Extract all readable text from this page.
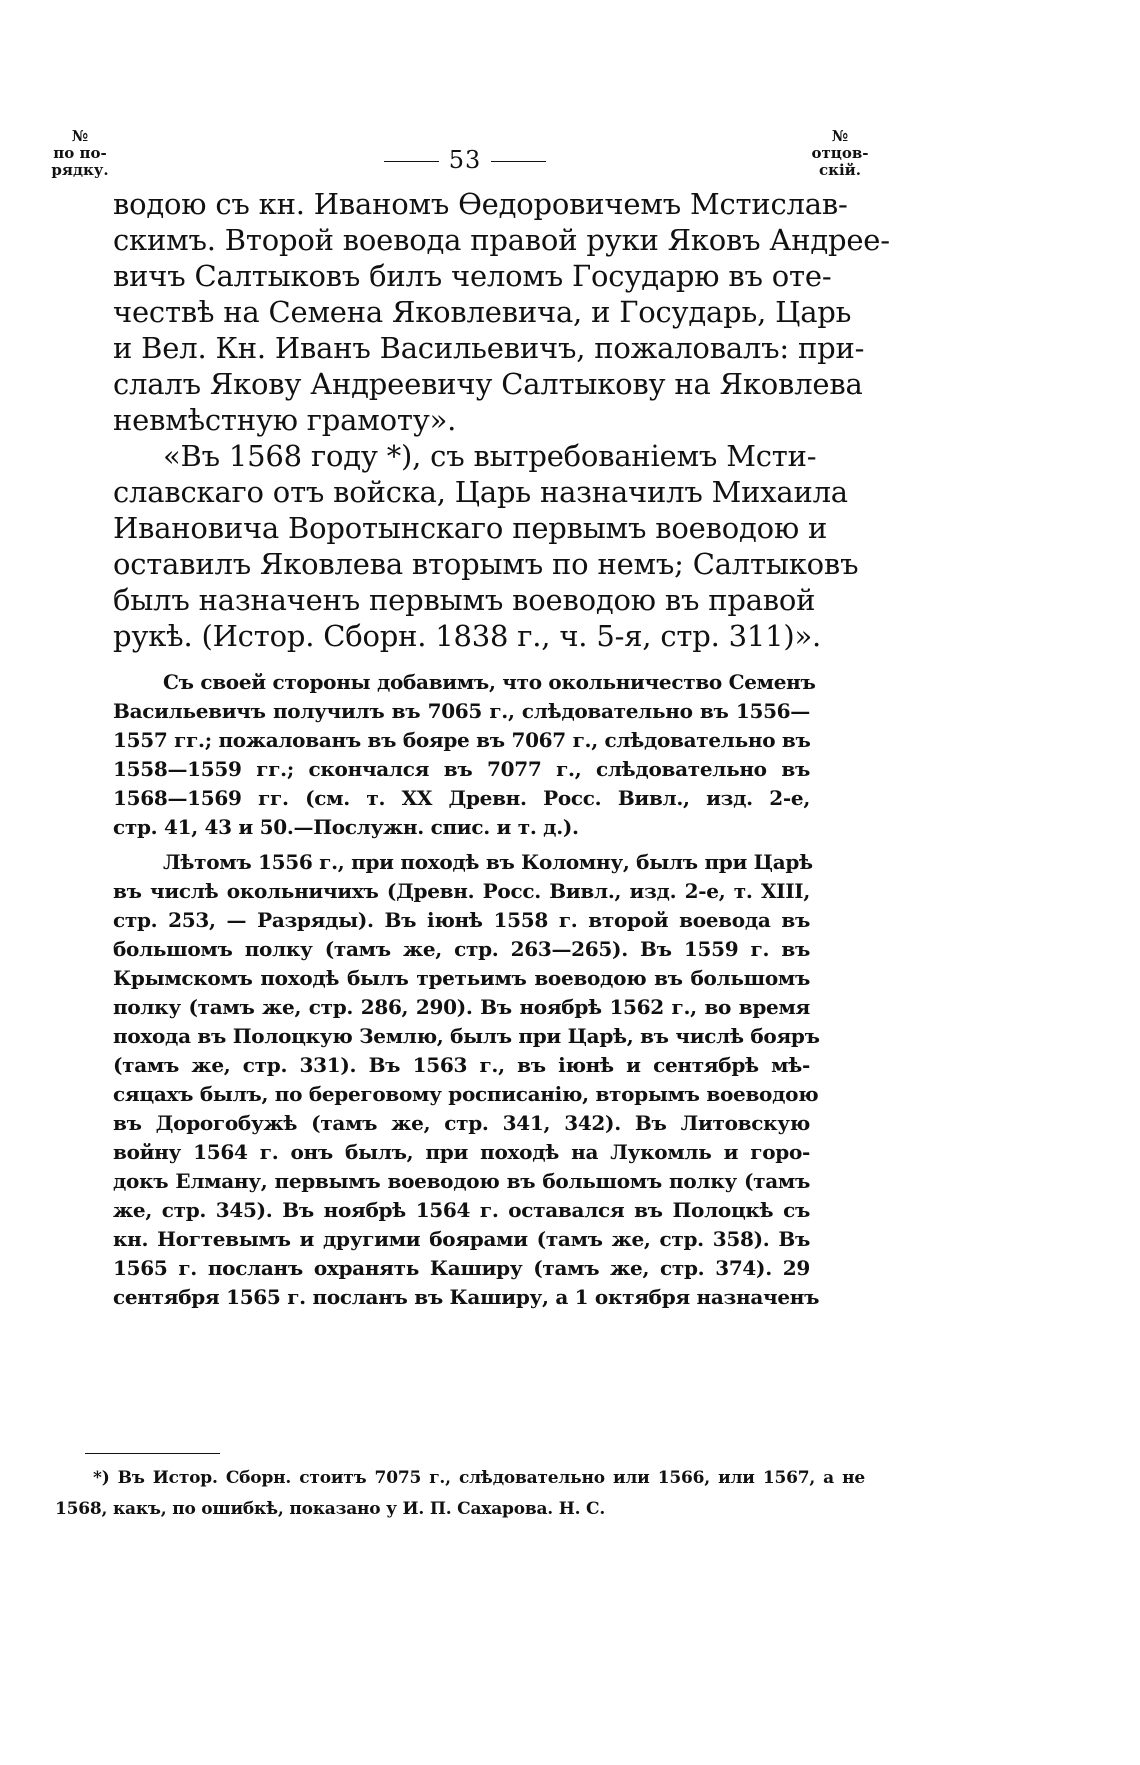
№
по по-
рядку.	53
№
отцов-
скій.
водою съ кн. Иваномъ Өедоровичемъ Мстислав-
скимъ. Второй воевода правой руки Яковъ Андрее-
вичъ Салтыковъ билъ челомъ Государю въ оте-
чествѣ на Семена Яковлевича, и Государь, Царь
и Вел. Кн. Иванъ Васильевичъ, пожаловалъ: при-
слалъ Якову Андреевичу Салтыкову на Яковлева
невмѣстную грамоту».
«Въ 1568 году *), съ вытребованіемъ Мсти-
славскаго отъ войска, Царь назначилъ Михаила
Ивановича Воротынскаго первымъ воеводою и
оставилъ Яковлева вторымъ по немъ; Салтыковъ
былъ назначенъ первымъ воеводою въ правой
рукѣ. (Истор. Сборн. 1838 г., ч. 5-я, стр. 311)».
Съ своей стороны добавимъ, что окольничество Семенъ
Васильевичъ получилъ въ 7065 г., слѣдовательно въ 1556—
1557 гг.; пожалованъ въ бояре въ 7067 г., слѣдовательно въ
1558—1559 гг.; скончался въ 7077 г., слѣдовательно въ
1568—1569 гг. (см. т. XX Древн. Росс. Вивл., изд. 2-е,
стр. 41, 43 и 50.—Послужн. спис. и т. д.).
Лѣтомъ 1556 г., при походѣ въ Коломну, былъ при Царѣ
въ числѣ окольничихъ (Древн. Росс. Вивл., изд. 2-е, т. XIII,
стр. 253, — Разряды). Въ іюнѣ 1558 г. второй воевода въ
большомъ полку (тамъ же, стр. 263—265). Въ 1559 г. въ
Крымскомъ походѣ былъ третьимъ воеводою въ большомъ
полку (тамъ же, стр. 286, 290). Въ ноябрѣ 1562 г., во время
похода въ Полоцкую Землю, былъ при Царѣ, въ числѣ бояръ
(тамъ же, стр. 331). Въ 1563 г., въ іюнѣ и сентябрѣ мѣ-
сяцахъ былъ, по береговому росписанію, вторымъ воеводою
въ Дорогобужѣ (тамъ же, стр. 341, 342). Въ Литовскую
войну 1564 г. онъ былъ, при походѣ на Лукомль и горо-
докъ Елману, первымъ воеводою въ большомъ полку (тамъ
же, стр. 345). Въ ноябрѣ 1564 г. оставался въ Полоцкѣ съ
кн. Ногтевымъ и другими боярами (тамъ же, стр. 358). Въ
1565 г. посланъ охранять Каширу (тамъ же, стр. 374). 29
сентября 1565 г. посланъ въ Каширу, а 1 октября назначенъ
*) Въ Истор. Сборн. стоитъ 7075 г., слѣдовательно или 1566, или 1567, а не
1568, какъ, по ошибкѣ, показано у И. П. Сахарова. Н. С.
